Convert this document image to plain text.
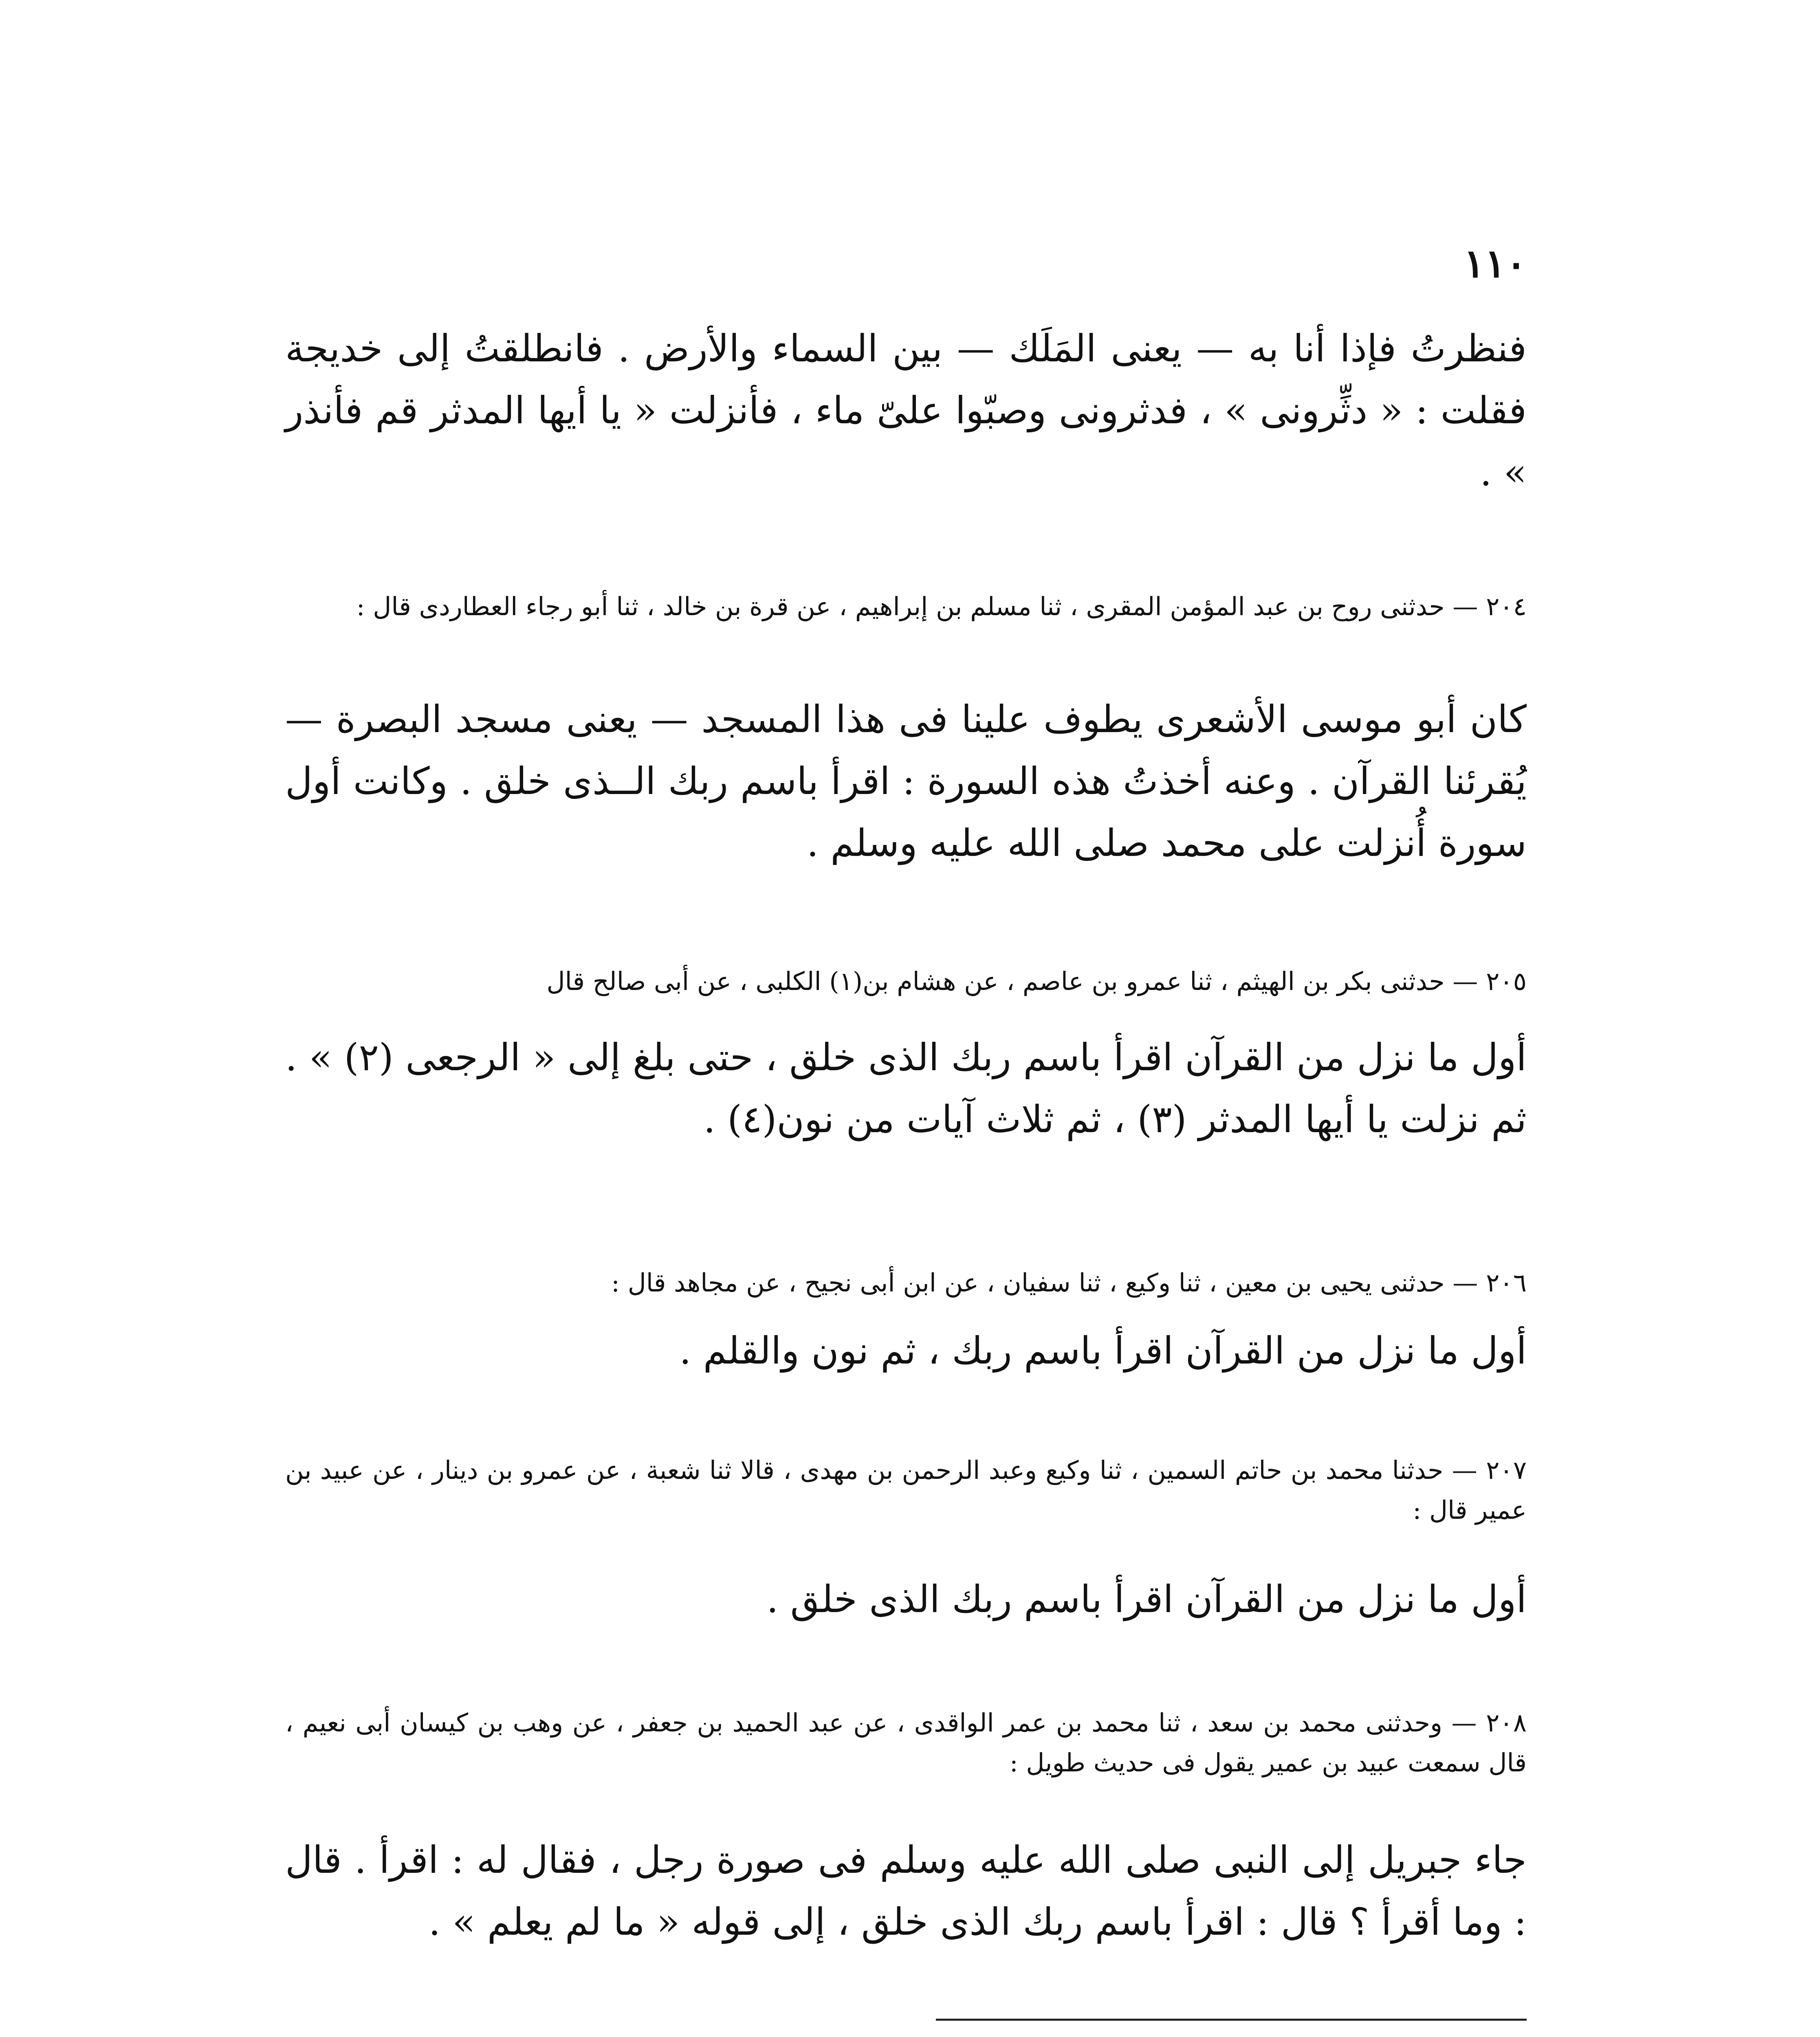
١١٠
فنظرتُ فإذا أنا به — يعنى المَلَك — بين السماء والأرض . فانطلقتُ إلى خديجة فقلت : « دثِّرونى » ، فدثرونى وصبّوا علىّ ماء ، فأنزلت « يا أيها المدثر قم فأنذر » .
٢٠٤ — حدثنى روح بن عبد المؤمن المقرى ، ثنا مسلم بن إبراهيم ، عن قرة بن خالد ، ثنا أبو رجاء العطاردى قال :
كان أبو موسى الأشعرى يطوف علينا فى هذا المسجد — يعنى مسجد البصرة — يُقرئنا القرآن . وعنه أخذتُ هذه السورة : اقرأ باسم ربك الــذى خلق . وكانت أول سورة أُنزلت على محمد صلى الله عليه وسلم .
٢٠٥ — حدثنى بكر بن الهيثم ، ثنا عمرو بن عاصم ، عن هشام بن(١) الكلبى ، عن أبى صالح قال
أول ما نزل من القرآن اقرأ باسم ربك الذى خلق ، حتى بلغ إلى « الرجعى (٢) » . ثم نزلت يا أيها المدثر (٣) ، ثم ثلاث آيات من نون(٤) .
٢٠٦ — حدثنى يحيى بن معين ، ثنا وكيع ، ثنا سفيان ، عن ابن أبى نجيح ، عن مجاهد قال :
أول ما نزل من القرآن اقرأ باسم ربك ، ثم نون والقلم .
٢٠٧ — حدثنا محمد بن حاتم السمين ، ثنا وكيع وعبد الرحمن بن مهدى ، قالا ثنا شعبة ، عن عمرو بن دينار ، عن عبيد بن عمير قال :
أول ما نزل من القرآن اقرأ باسم ربك الذى خلق .
٢٠٨ — وحدثنى محمد بن سعد ، ثنا محمد بن عمر الواقدى ، عن عبد الحميد بن جعفر ، عن وهب بن كيسان أبى نعيم ، قال سمعت عبيد بن عمير يقول فى حديث طويل :
جاء جبريل إلى النبى صلى الله عليه وسلم فى صورة رجل ، فقال له : اقرأ . قال : وما أقرأ ؟ قال : اقرأ باسم ربك الذى خلق ، إلى قوله « ما لم يعلم » .
